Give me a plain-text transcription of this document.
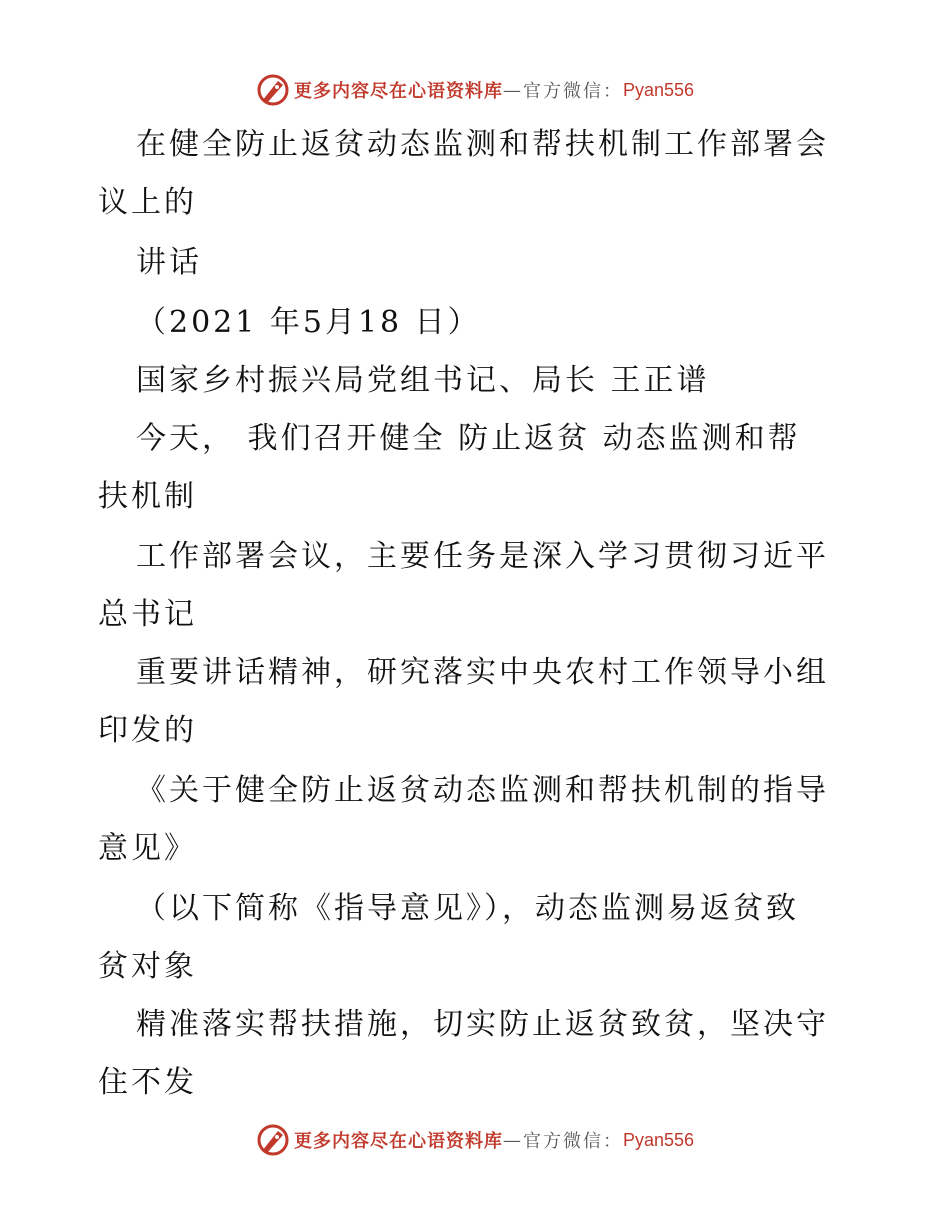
更多内容尽在心语资料库 — 官方微信： Pyan556
在健全防止返贫动态监测和帮扶机制工作部署会
议上的
讲话
（2021 年5月18 日）
国家乡村振兴局党组书记、局长 王正谱
今天， 我们召开健全 防止返贫 动态监测和帮
扶机制
工作部署会议，主要任务是深入学习贯彻习近平
总书记
重要讲话精神，研究落实中央农村工作领导小组
印发的
《关于健全防止返贫动态监测和帮扶机制的指导
意见》
（以下简称《指导意见》），动态监测易返贫致
贫对象
精准落实帮扶措施，切实防止返贫致贫，坚决守
住不发
更多内容尽在心语资料库 — 官方微信： Pyan556
